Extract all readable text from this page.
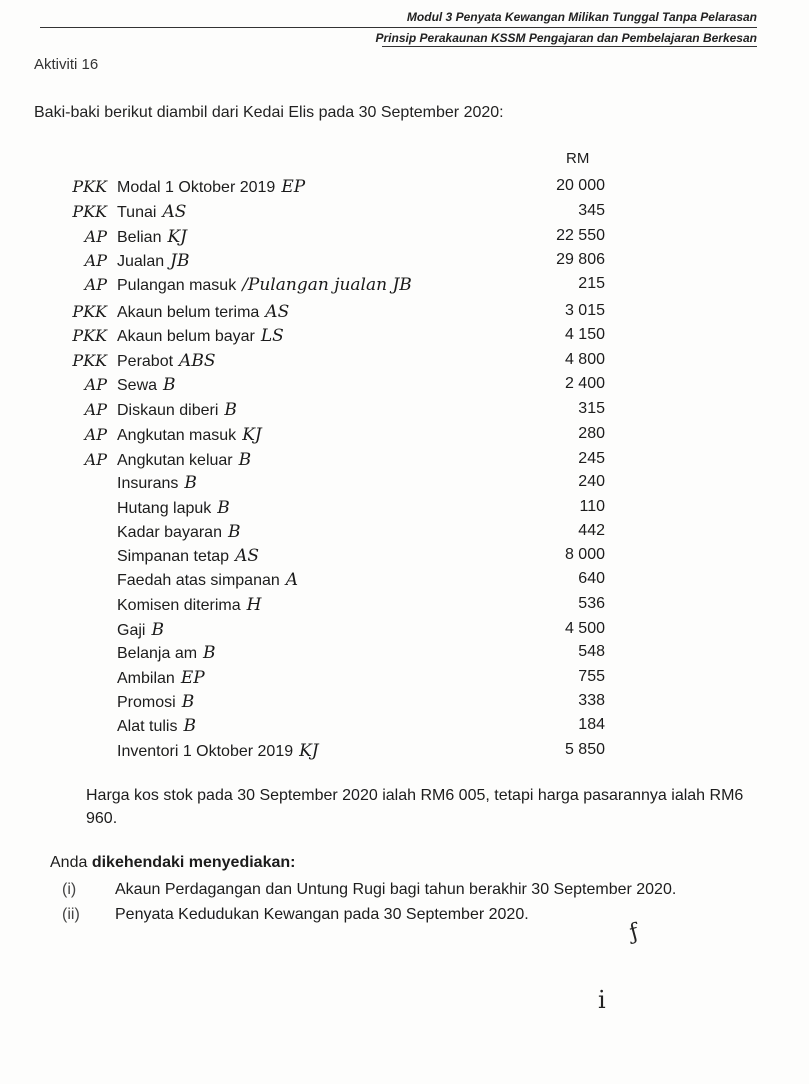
Modul 3 Penyata Kewangan Milikan Tunggal Tanpa Pelarasan
Prinsip Perakaunan KSSM Pengajaran dan Pembelajaran Berkesan
Aktiviti 16
Baki-baki berikut diambil dari Kedai Elis pada 30 September 2020:
RM
PKK Modal 1 Oktober 2019 EP	20 000
PKK Tunai AS	345
AP Belian KJ	22 550
AP Jualan JB	29 806
AP Pulangan masuk /Pulangan jualan JB	215
PKK Akaun belum terima AS	3 015
PKK Akaun belum bayar LS	4 150
PKK Perabot ABS	4 800
AP Sewa B	2 400
AP Diskaun diberi B	315
AP Angkutan masuk KJ	280
AP Angkutan keluar B	245
Insurans B	240
Hutang lapuk B	110
Kadar bayaran B	442
Simpanan tetap AS	8 000
Faedah atas simpanan A	640
Komisen diterima H	536
Gaji B	4 500
Belanja am B	548
Ambilan EP	755
Promosi B	338
Alat tulis B	184
Inventori 1 Oktober 2019 KJ	5 850
Harga kos stok pada 30 September 2020 ialah RM6 005, tetapi harga pasarannya ialah RM6 960.
Anda dikehendaki menyediakan:
(i) Akaun Perdagangan dan Untung Rugi bagi tahun berakhir 30 September 2020.
(ii) Penyata Kedudukan Kewangan pada 30 September 2020.
ƒ
ⅰ
